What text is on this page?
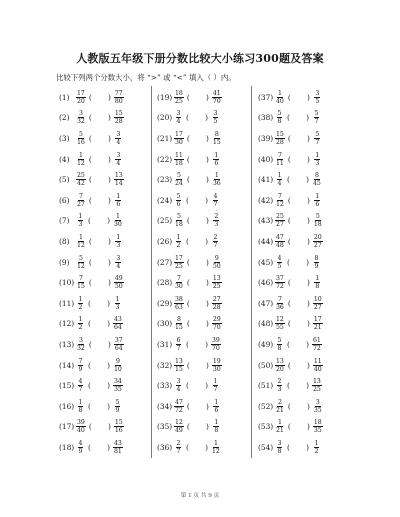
人教版五年级下册分数比较大小练习300题及答案
比较下列两个分数大小，将 “>” 或 “<” 填入（ ）内。
(1)	$\frac{17}{20}$ ( ) $\frac{77}{80}$
(2)	$\frac{3}{32}$ ( ) $\frac{15}{28}$
(3)	$\frac{5}{16}$ ( ) $\frac{3}{4}$
(4)	$\frac{1}{12}$ ( ) $\frac{3}{4}$
(5)	$\frac{25}{42}$ ( ) $\frac{13}{14}$
(6)	$\frac{7}{27}$ ( ) $\frac{1}{6}$
(7)	$\frac{1}{3}$ ( ) $\frac{1}{30}$
(8)	$\frac{1}{12}$ ( ) $\frac{1}{3}$
(9)	$\frac{5}{12}$ ( ) $\frac{3}{4}$
$(10) \frac{7}{15}$ ( ) $\frac{49}{50}$
$(11) \frac{1}{2}$ ( ) $\frac{1}{3}$
$(12) \frac{1}{2}$ ( ) $\frac{43}{64}$
$(13) \frac{3}{32}$ ( ) $\frac{37}{64}$
$(14) \frac{7}{9}$ ( ) $\frac{9}{10}$
$(15) \frac{4}{7}$ ( ) $\frac{34}{35}$
$(16) \frac{1}{8}$ ( ) $\frac{5}{9}$
$(17) \frac{39}{40}$ ( ) $\frac{15}{16}$
$(18) \frac{4}{9}$ ( ) $\frac{43}{81}$
$(19) \frac{18}{25}$ ( ) $\frac{41}{70}$
$(20) \frac{3}{4}$ ( ) $\frac{3}{5}$
$(21) \frac{17}{30}$ ( ) $\frac{8}{15}$
$(22) \frac{11}{18}$ ( ) $\frac{1}{6}$
$(23) \frac{5}{24}$ ( ) $\frac{1}{36}$
$(24) \frac{5}{6}$ ( ) $\frac{4}{7}$
$(25) \frac{5}{18}$ ( ) $\frac{2}{3}$
$(26) \frac{1}{2}$ ( ) $\frac{2}{7}$
$(27) \frac{17}{25}$ ( ) $\frac{9}{50}$
$(28) \frac{7}{30}$ ( ) $\frac{13}{25}$
$(29) \frac{38}{63}$ ( ) $\frac{27}{28}$
$(30) \frac{8}{15}$ ( ) $\frac{29}{70}$
$(31) \frac{6}{7}$ ( ) $\frac{39}{70}$
$(32) \frac{13}{15}$ ( ) $\frac{19}{30}$
$(33) \frac{3}{4}$ ( ) $\frac{1}{7}$
$(34) \frac{47}{72}$ ( ) $\frac{1}{6}$
$(35) \frac{12}{49}$ ( ) $\frac{1}{8}$
$(36) \frac{2}{7}$ ( ) $\frac{1}{12}$
$(37) \frac{1}{40}$ ( ) $\frac{3}{5}$
$(38) \frac{5}{8}$ ( ) $\frac{5}{7}$
$(39) \frac{15}{28}$ ( ) $\frac{5}{7}$
$(40) \frac{7}{11}$ ( ) $\frac{1}{3}$
$(41) \frac{1}{4}$ ( ) $\frac{8}{45}$
$(42) \frac{7}{12}$ ( ) $\frac{1}{6}$
$(43) \frac{25}{27}$ ( ) $\frac{5}{18}$
$(44) \frac{47}{48}$ ( ) $\frac{20}{27}$
$(45) \frac{4}{5}$ ( ) $\frac{8}{9}$
$(46) \frac{37}{72}$ ( ) $\frac{1}{8}$
$(47) \frac{7}{36}$ ( ) $\frac{10}{27}$
$(48) \frac{12}{55}$ ( ) $\frac{17}{21}$
$(49) \frac{5}{8}$ ( ) $\frac{61}{72}$
$(50) \frac{13}{20}$ ( ) $\frac{11}{40}$
$(51) \frac{2}{3}$ ( ) $\frac{13}{25}$
$(52) \frac{2}{21}$ ( ) $\frac{3}{35}$
$(53) \frac{1}{21}$ ( ) $\frac{18}{35}$
$(54) \frac{3}{8}$ ( ) $\frac{1}{2}$
第 1 页 共 9 页
